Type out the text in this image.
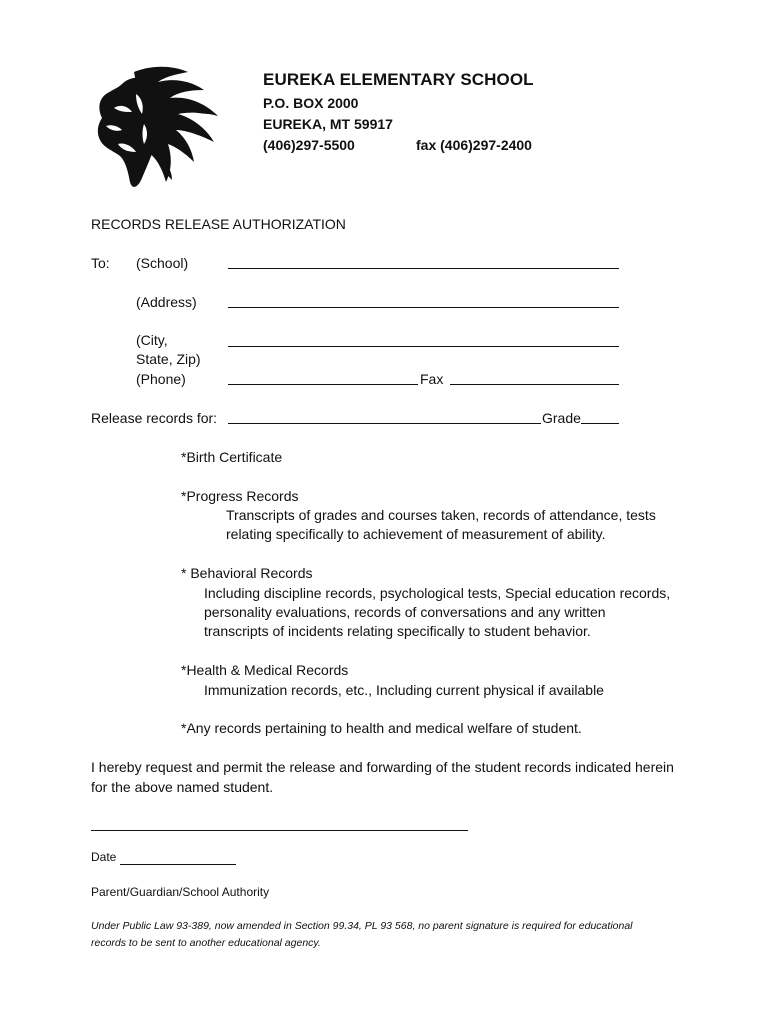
EUREKA ELEMENTARY SCHOOL
P.O. BOX 2000
EUREKA, MT 59917
(406)297-5500	fax (406)297-2400
RECORDS RELEASE AUTHORIZATION
To: (School)
(Address)
(City,
State, Zip)
(Phone)	Fax
Release records for:	Grade
*Birth Certificate
*Progress Records
Transcripts of grades and courses taken, records of attendance, tests
relating specifically to achievement of measurement of ability.
* Behavioral Records
Including discipline records, psychological tests, Special education records,
personality evaluations, records of conversations and any written
transcripts of incidents relating specifically to student behavior.
*Health & Medical Records
Immunization records, etc., Including current physical if available
*Any records pertaining to health and medical welfare of student.
I hereby request and permit the release and forwarding of the student records indicated herein
for the above named student.
Date
Parent/Guardian/School Authority
Under Public Law 93-389, now amended in Section 99.34, PL 93 568, no parent signature is required for educational
records to be sent to another educational agency.
